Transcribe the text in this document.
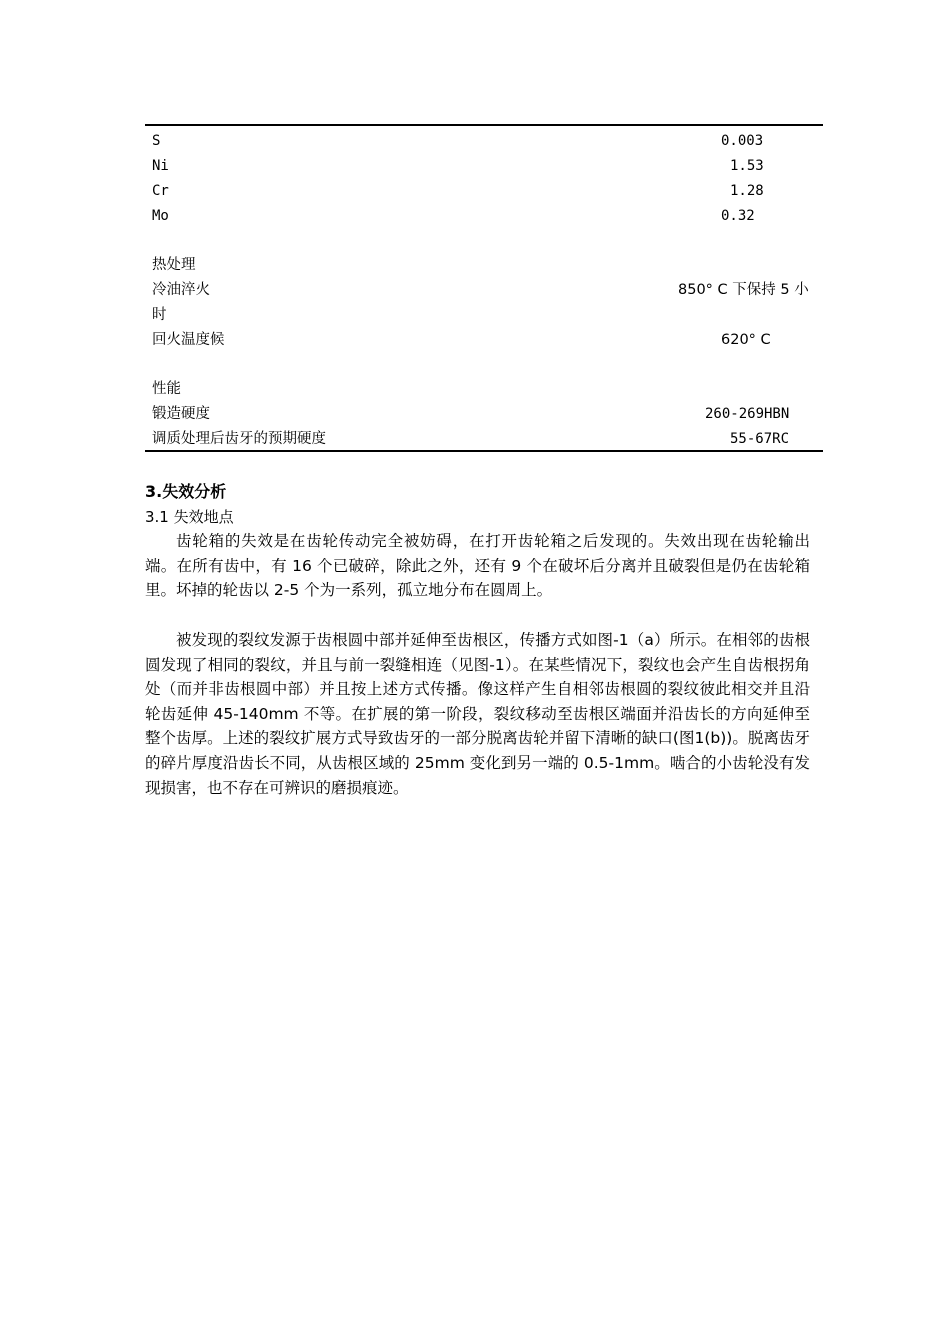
S	0.003
Ni	1.53
Cr	1.28
Mo	0.32
热处理
冷油淬火	850° C 下保持 5 小
时
回火温度候	620° C
性能
锻造硬度	260-269HBN
调质处理后齿牙的预期硬度	55-67RC
3.失效分析
3.1 失效地点

齿轮箱的失效是在齿轮传动完全被妨碍，在打开齿轮箱之后发现的。失效出现在齿轮输出端。在所有齿中，有 16 个已破碎，除此之外，还有 9 个在破坏后分离并且破裂但是仍在齿轮箱里。坏掉的轮齿以 2-5 个为一系列，孤立地分布在圆周上。

被发现的裂纹发源于齿根圆中部并延伸至齿根区，传播方式如图-1（a）所示。在相邻的齿根圆发现了相同的裂纹，并且与前一裂缝相连（见图-1）。在某些情况下，裂纹也会产生自齿根拐角处（而并非齿根圆中部）并且按上述方式传播。像这样产生自相邻齿根圆的裂纹彼此相交并且沿轮齿延伸 45-140mm 不等。在扩展的第一阶段，裂纹移动至齿根区端面并沿齿长的方向延伸至整个齿厚。上述的裂纹扩展方式导致齿牙的一部分脱离齿轮并留下清晰的缺口(图1(b))。脱离齿牙的碎片厚度沿齿长不同，从齿根区域的 25mm 变化到另一端的 0.5-1mm。啮合的小齿轮没有发现损害，也不存在可辨识的磨损痕迹。
